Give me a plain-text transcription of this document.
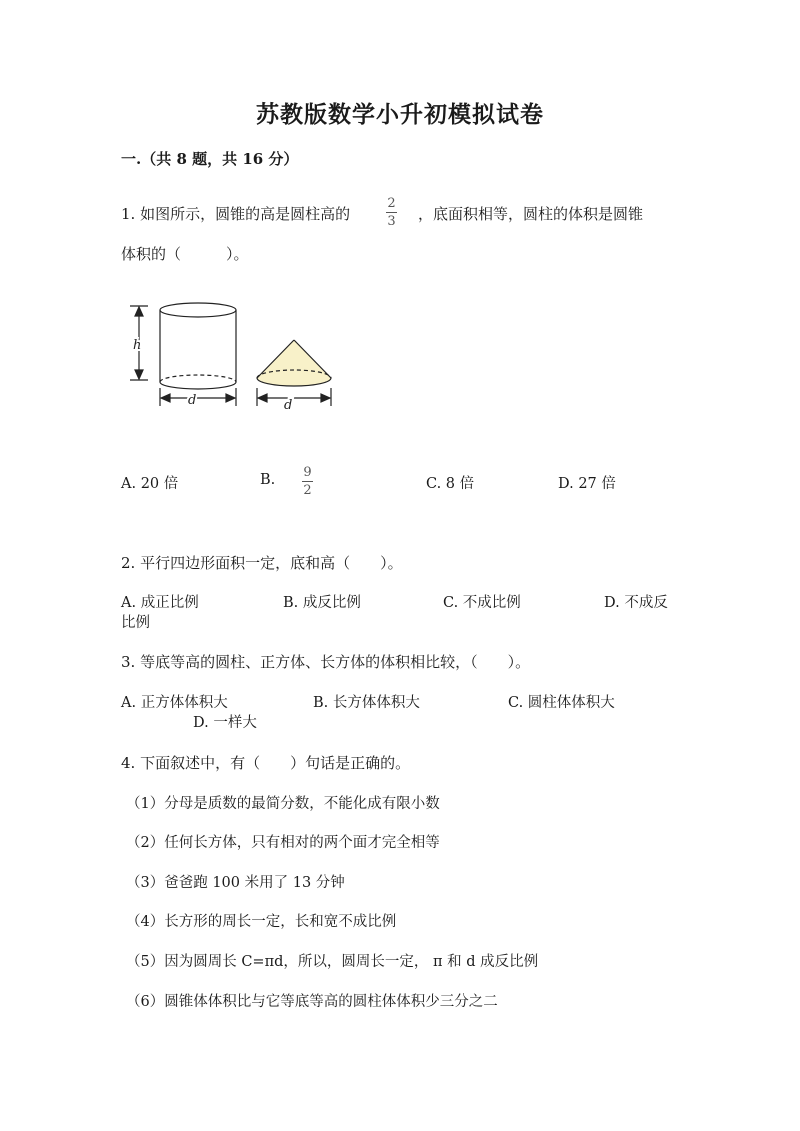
苏教版数学小升初模拟试卷
一.（共 8 题，共 16 分）
1. 如图所示，圆锥的高是圆柱高的
2
3 ，底面积相等，圆柱的体积是圆锥
体积的（　　　）。
h
d	d
A. 20 倍	B. 9
2	C. 8 倍	D. 27 倍
2. 平行四边形面积一定，底和高（　　）。
A. 成正比例	B. 成反比例	C. 不成比例	D. 不成反
比例
3. 等底等高的圆柱、正方体、长方体的体积相比较，（　　）。
A. 正方体体积大	B. 长方体体积大	C. 圆柱体体积大
D. 一样大
4. 下面叙述中，有（　　）句话是正确的。
（1）分母是质数的最简分数，不能化成有限小数
（2）任何长方体，只有相对的两个面才完全相等
（3）爸爸跑 100 米用了 13 分钟
（4）长方形的周长一定，长和宽不成比例
（5）因为圆周长 C=πd，所以，圆周长一定， π 和 d 成反比例
（6）圆锥体体积比与它等底等高的圆柱体体积少三分之二
